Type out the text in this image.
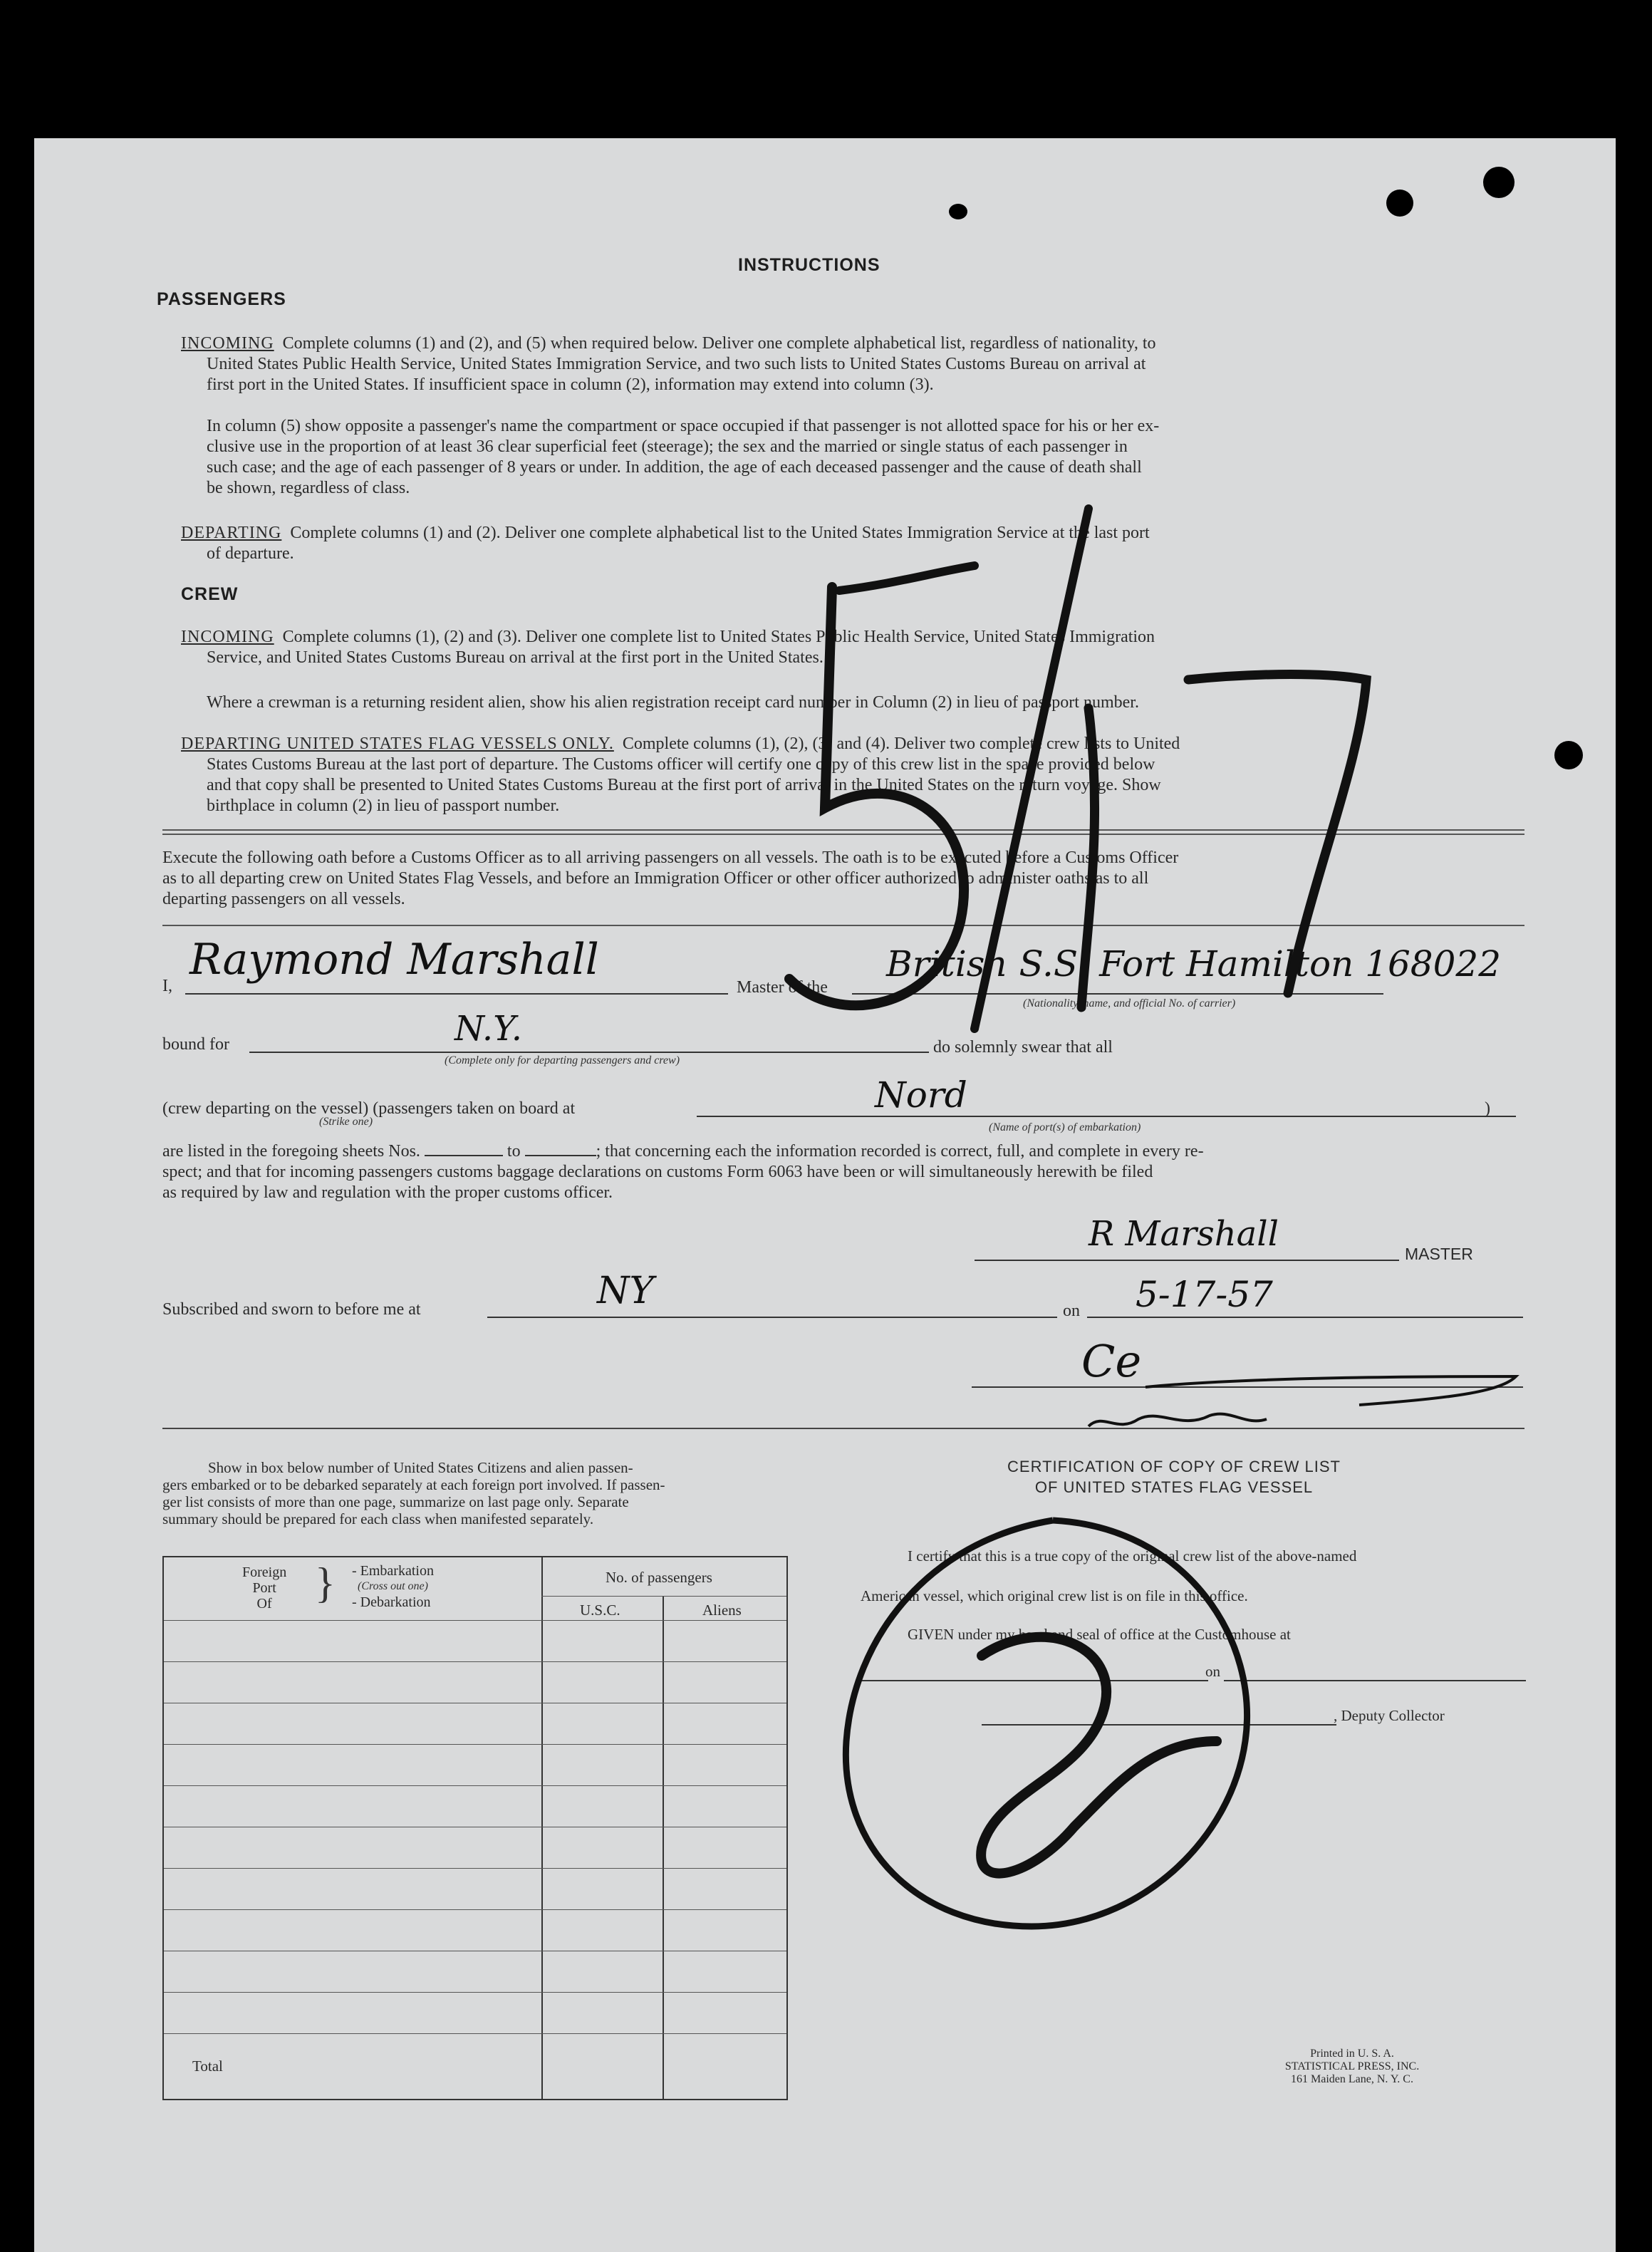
INSTRUCTIONS
PASSENGERS
INCOMING Complete columns (1) and (2), and (5) when required below. Deliver one complete alphabetical list, regardless of nationality, to
United States Public Health Service, United States Immigration Service, and two such lists to United States Customs Bureau on arrival at
first port in the United States. If insufficient space in column (2), information may extend into column (3).
In column (5) show opposite a passenger's name the compartment or space occupied if that passenger is not allotted space for his or her ex-
clusive use in the proportion of at least 36 clear superficial feet (steerage); the sex and the married or single status of each passenger in
such case; and the age of each passenger of 8 years or under. In addition, the age of each deceased passenger and the cause of death shall
be shown, regardless of class.
DEPARTING Complete columns (1) and (2). Deliver one complete alphabetical list to the United States Immigration Service at the last port
of departure.
CREW
INCOMING Complete columns (1), (2) and (3). Deliver one complete list to United States Public Health Service, United States Immigration
Service, and United States Customs Bureau on arrival at the first port in the United States.
Where a crewman is a returning resident alien, show his alien registration receipt card number in Column (2) in lieu of passport number.
DEPARTING UNITED STATES FLAG VESSELS ONLY. Complete columns (1), (2), (3) and (4). Deliver two complete crew lists to United
States Customs Bureau at the last port of departure. The Customs officer will certify one copy of this crew list in the space provided below
and that copy shall be presented to United States Customs Bureau at the first port of arrival in the United States on the return voyage. Show
birthplace in column (2) in lieu of passport number.
Execute the following oath before a Customs Officer as to all arriving passengers on all vessels. The oath is to be executed before a Customs Officer
as to all departing crew on United States Flag Vessels, and before an Immigration Officer or other officer authorized to administer oaths as to all
departing passengers on all vessels.
I,
Raymond Marshall
Master of the
British S.S. Fort Hamilton 168022
(Nationality, name, and official No. of carrier)
bound for	N.Y.
(Complete only for departing passengers and crew)
do solemnly swear that all
(crew departing on the vessel) (passengers taken on board at
(Strike one)
Nord
(Name of port(s) of embarkation)
)
are listed in the foregoing sheets Nos.	to	; that concerning each the information recorded is correct, full, and complete in every re-
spect; and that for incoming passengers customs baggage declarations on customs Form 6063 have been or will simultaneously herewith be filed
as required by law and regulation with the proper customs officer.
R Marshall	MASTER
Subscribed and sworn to before me at	NY	on 5-17-57
Ce
Show in box below number of United States Citizens and alien passen-
gers embarked or to be debarked separately at each foreign port involved. If passen-
ger list consists of more than one page, summarize on last page only. Separate
summary should be prepared for each class when manifested separately.
Foreign
Port
Of	} - Embarkation
(Cross out one)
- Debarkation
No. of passengers
U.S.C.	Aliens
Total
CERTIFICATION OF COPY OF CREW LIST
OF UNITED STATES FLAG VESSEL
I certify that this is a true copy of the original crew list of the above-named
American vessel, which original crew list is on file in this office.
GIVEN under my hand and seal of office at the Customhouse at
on
, Deputy Collector
Printed in U. S. A.
STATISTICAL PRESS, INC.
161 Maiden Lane, N. Y. C.
